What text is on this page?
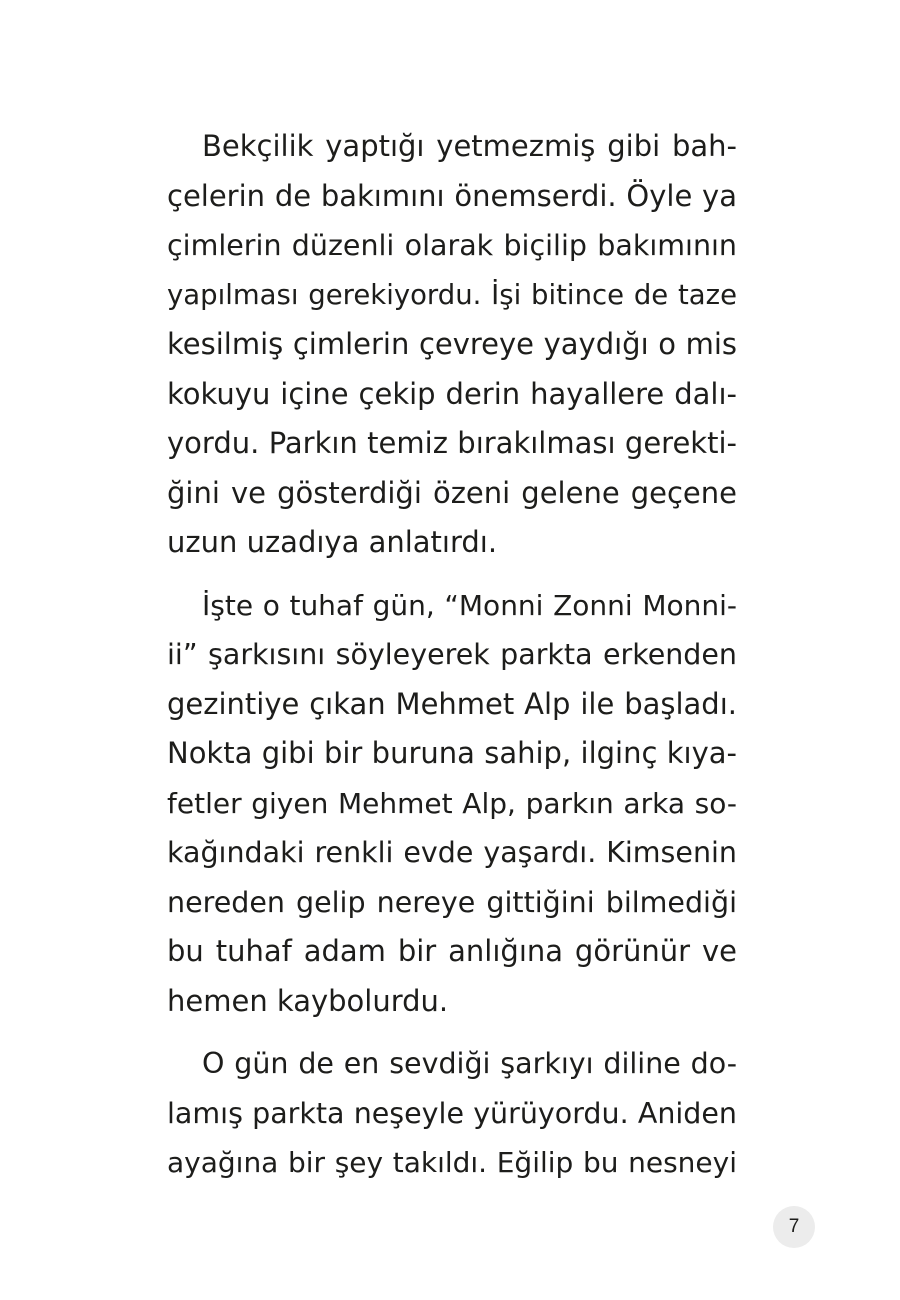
Bekçilik yaptığı yetmezmiş gibi bah-
çelerin de bakımını önemserdi. Öyle ya
çimlerin düzenli olarak biçilip bakımının
yapılması gerekiyordu. İşi bitince de taze
kesilmiş çimlerin çevreye yaydığı o mis
kokuyu içine çekip derin hayallere dalı-
yordu. Parkın temiz bırakılması gerekti-
ğini ve gösterdiği özeni gelene geçene
uzun uzadıya anlatırdı.

İşte o tuhaf gün, “Monni Zonni Monni-
ii” şarkısını söyleyerek parkta erkenden
gezintiye çıkan Mehmet Alp ile başladı.
Nokta gibi bir buruna sahip, ilginç kıya-
fetler giyen Mehmet Alp, parkın arka so-
kağındaki renkli evde yaşardı. Kimsenin
nereden gelip nereye gittiğini bilmediği
bu tuhaf adam bir anlığına görünür ve
hemen kaybolurdu.

O gün de en sevdiği şarkıyı diline do-
lamış parkta neşeyle yürüyordu. Aniden
ayağına bir şey takıldı. Eğilip bu nesneyi

7
